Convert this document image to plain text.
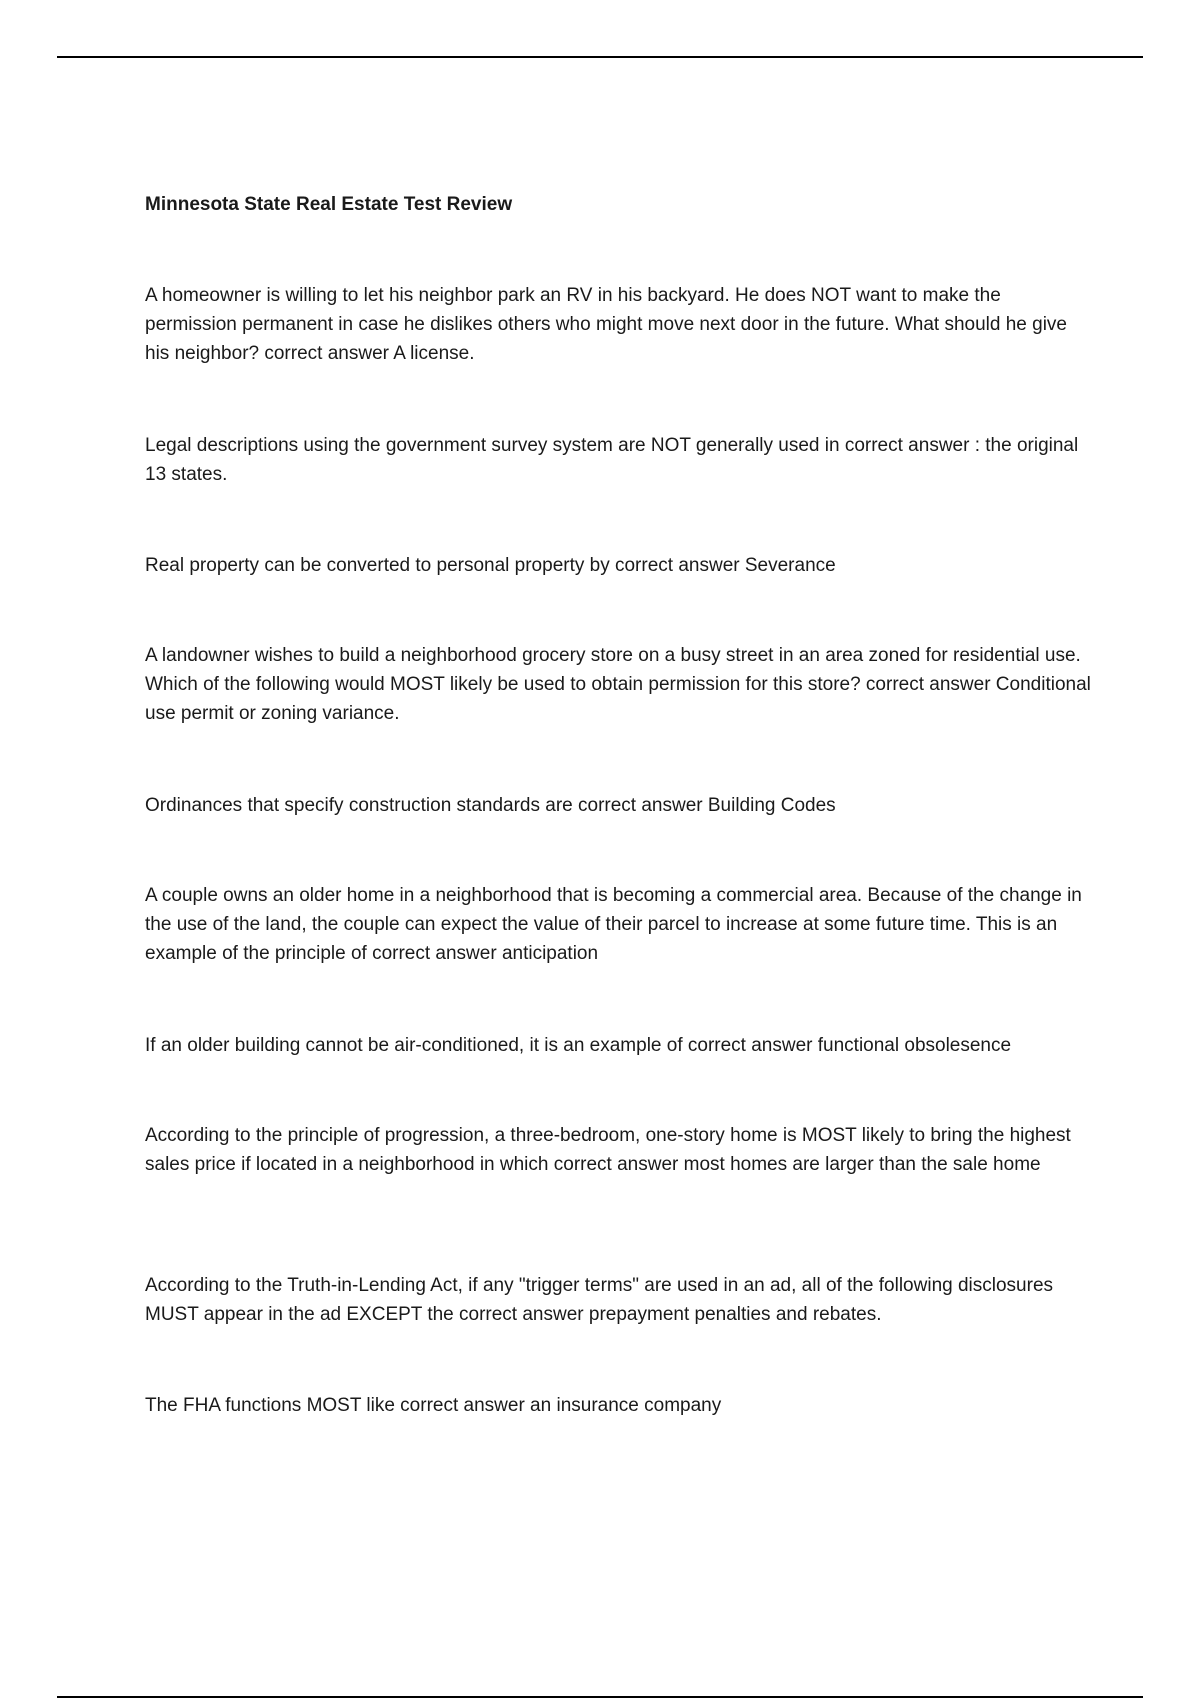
Minnesota State Real Estate Test Review

A homeowner is willing to let his neighbor park an RV in his backyard. He does NOT want to make the permission permanent in case he dislikes others who might move next door in the future. What should he give his neighbor? correct answer A license.

Legal descriptions using the government survey system are NOT generally used in correct answer : the original 13 states.

Real property can be converted to personal property by correct answer Severance

A landowner wishes to build a neighborhood grocery store on a busy street in an area zoned for residential use. Which of the following would MOST likely be used to obtain permission for this store? correct answer Conditional use permit or zoning variance.

Ordinances that specify construction standards are correct answer Building Codes

A couple owns an older home in a neighborhood that is becoming a commercial area. Because of the change in the use of the land, the couple can expect the value of their parcel to increase at some future time. This is an example of the principle of correct answer anticipation

If an older building cannot be air-conditioned, it is an example of correct answer functional obsolesence

According to the principle of progression, a three-bedroom, one-story home is MOST likely to bring the highest sales price if located in a neighborhood in which correct answer most homes are larger than the sale home

According to the Truth-in-Lending Act, if any "trigger terms" are used in an ad, all of the following disclosures MUST appear in the ad EXCEPT the correct answer prepayment penalties and rebates.

The FHA functions MOST like correct answer an insurance company
